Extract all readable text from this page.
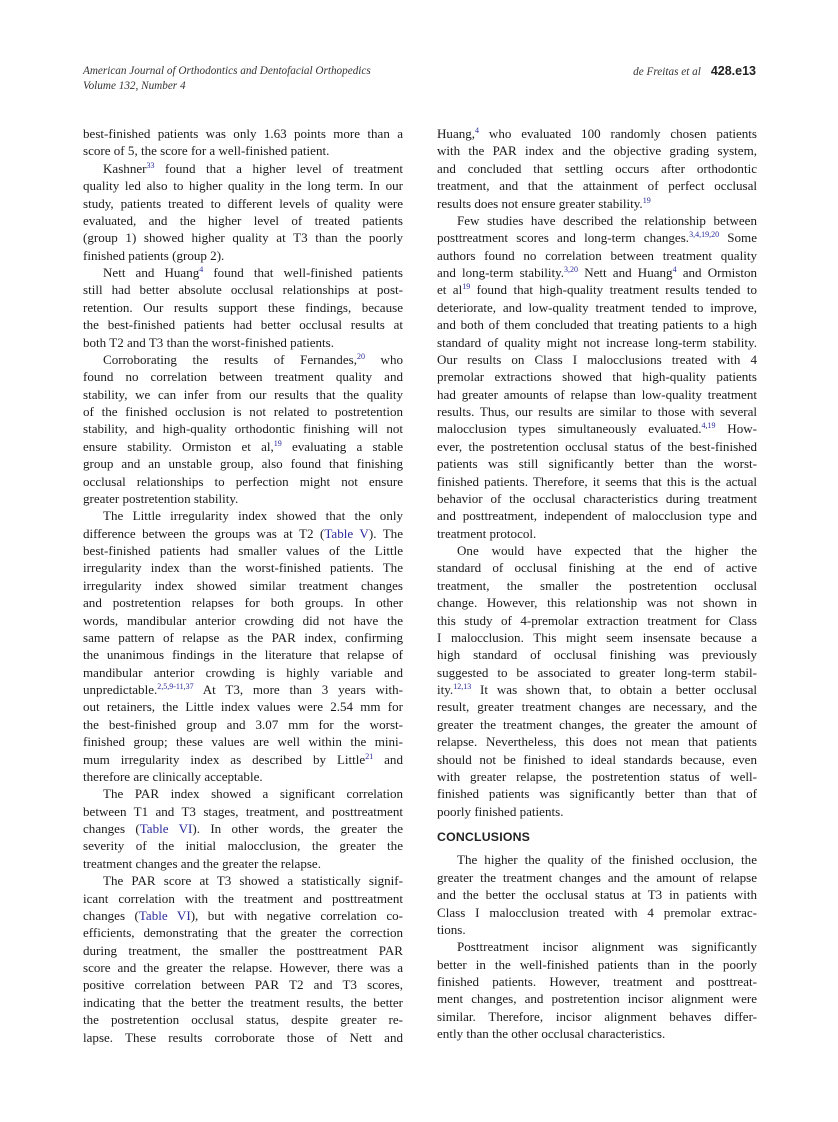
American Journal of Orthodontics and Dentofacial Orthopedics
Volume 132, Number 4
de Freitas et al 428.e13
best-finished patients was only 1.63 points more than a
score of 5, the score for a well-finished patient.
Kashner$^{33}$ found that a higher level of treatment
quality led also to higher quality in the long term. In our
study, patients treated to different levels of quality were
evaluated, and the higher level of treated patients
(group 1) showed higher quality at T3 than the poorly
finished patients (group 2).
Nett and Huang$^4$ found that well-finished patients
still had better absolute occlusal relationships at post-
retention. Our results support these findings, because
the best-finished patients had better occlusal results at
both T2 and T3 than the worst-finished patients.
Corroborating the results of Fernandes,$^{20}$ who
found no correlation between treatment quality and
stability, we can infer from our results that the quality
of the finished occlusion is not related to postretention
stability, and high-quality orthodontic finishing will not
ensure stability. Ormiston et al,$^{19}$ evaluating a stable
group and an unstable group, also found that finishing
occlusal relationships to perfection might not ensure
greater postretention stability.
The Little irregularity index showed that the only
difference between the groups was at T2 (Table V). The
best-finished patients had smaller values of the Little
irregularity index than the worst-finished patients. The
irregularity index showed similar treatment changes
and postretention relapses for both groups. In other
words, mandibular anterior crowding did not have the
same pattern of relapse as the PAR index, confirming
the unanimous findings in the literature that relapse of
mandibular anterior crowding is highly variable and
unpredictable.$^{2,5,9-11,37}$ At T3, more than 3 years with-
out retainers, the Little index values were 2.54 mm for
the best-finished group and 3.07 mm for the worst-
finished group; these values are well within the mini-
mum irregularity index as described by Little$^{21}$ and
therefore are clinically acceptable.
The PAR index showed a significant correlation
between T1 and T3 stages, treatment, and posttreatment
changes (Table VI). In other words, the greater the
severity of the initial malocclusion, the greater the
treatment changes and the greater the relapse.
The PAR score at T3 showed a statistically signif-
icant correlation with the treatment and posttreatment
changes (Table VI), but with negative correlation co-
efficients, demonstrating that the greater the correction
during treatment, the smaller the posttreatment PAR
score and the greater the relapse. However, there was a
positive correlation between PAR T2 and T3 scores,
indicating that the better the treatment results, the better
the postretention occlusal status, despite greater re-
lapse. These results corroborate those of Nett and
Huang,$^4$ who evaluated 100 randomly chosen patients
with the PAR index and the objective grading system,
and concluded that settling occurs after orthodontic
treatment, and that the attainment of perfect occlusal
results does not ensure greater stability.$^{19}$
Few studies have described the relationship between
posttreatment scores and long-term changes.$^{3,4,19,20}$ Some
authors found no correlation between treatment quality
and long-term stability.$^{3,20}$ Nett and Huang$^4$ and Ormiston
et $al^{19}$ found that high-quality treatment results tended to
deteriorate, and low-quality treatment tended to improve,
and both of them concluded that treating patients to a high
standard of quality might not increase long-term stability.
Our results on Class I malocclusions treated with 4
premolar extractions showed that high-quality patients
had greater amounts of relapse than low-quality treatment
results. Thus, our results are similar to those with several
malocclusion types simultaneously evaluated.$^{4,19}$ How-
ever, the postretention occlusal status of the best-finished
patients was still significantly better than the worst-
finished patients. Therefore, it seems that this is the actual
behavior of the occlusal characteristics during treatment
and posttreatment, independent of malocclusion type and
treatment protocol.
One would have expected that the higher the
standard of occlusal finishing at the end of active
treatment, the smaller the postretention occlusal
change. However, this relationship was not shown in
this study of 4-premolar extraction treatment for Class
I malocclusion. This might seem insensate because a
high standard of occlusal finishing was previously
suggested to be associated to greater long-term stabil-
ity.$^{12,13}$ It was shown that, to obtain a better occlusal
result, greater treatment changes are necessary, and the
greater the treatment changes, the greater the amount of
relapse. Nevertheless, this does not mean that patients
should not be finished to ideal standards because, even
with greater relapse, the postretention status of well-
finished patients was significantly better than that of
poorly finished patients.
CONCLUSIONS
The higher the quality of the finished occlusion, the
greater the treatment changes and the amount of relapse
and the better the occlusal status at T3 in patients with
Class I malocclusion treated with 4 premolar extrac-
tions.
Posttreatment incisor alignment was significantly
better in the well-finished patients than in the poorly
finished patients. However, treatment and posttreat-
ment changes, and postretention incisor alignment were
similar. Therefore, incisor alignment behaves differ-
ently than the other occlusal characteristics.
